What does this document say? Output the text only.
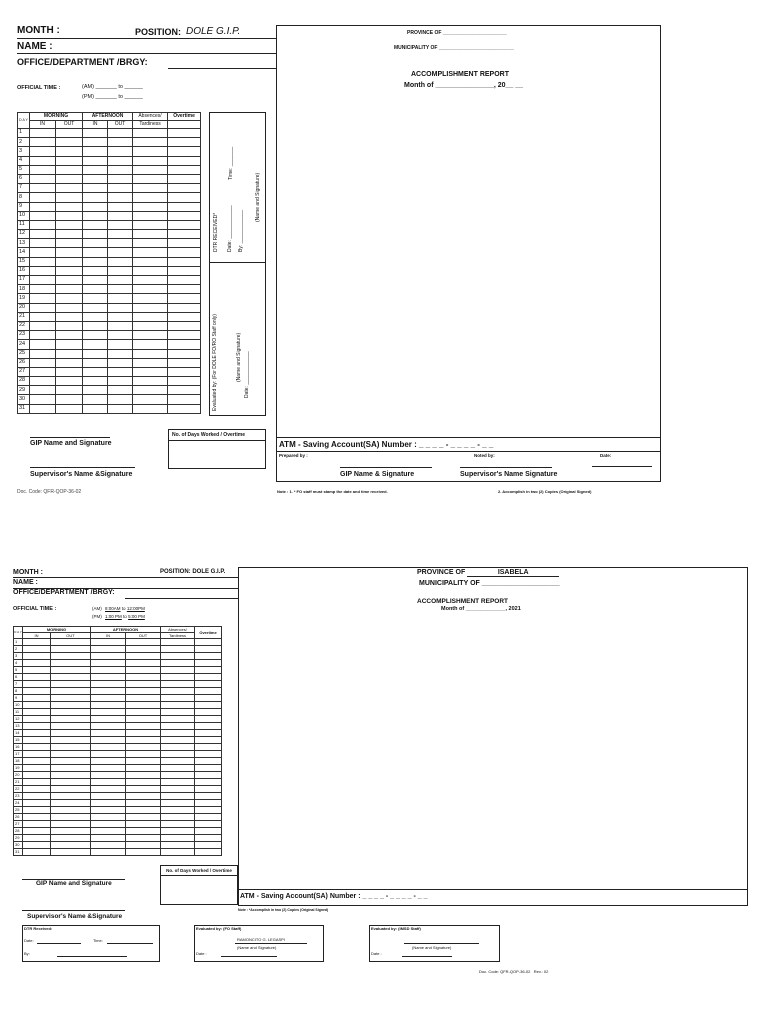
MONTH :	POSITION: DOLE G.I.P.
NAME :
OFFICE/DEPARTMENT /BRGY:
OFFICIAL TIME :	(AM) _______ to ______
(PM) _______ to ______
D A Y	MORNING		AFTERNOON		Absences/	Overtime
	IN	OUT	IN	OUT	Tardiness	
1						
2						
3						
4						
5						
6						
7						
8						
9						
10						
11						
12						
13						
14						
15						
16						
17						
18						
19						
20						
21						
22						
23						
24						
25						
26						
27						
28						
29						
30						
31						
DTR RECEIVED* Date: ____________ By: ____________
Time: _______
(Name and Signature)
Evaluated by: (For DOLE FO/RO Staff only)	(Name and Signature) Date: ____________
No. of Days Worked / Overtime
GIP Name and Signature
Supervisor's Name &Signature
Doc. Code: QFR-QOP-36-02
PROVINCE OF _______________________
MUNICIPALITY OF ___________________________
ACCOMPLISHMENT REPORT
Month of _______________, 20__ __
ATM - Saving Account(SA) Number : _ _ _ _ - _ _ _ _ - _ _
Prepared by :	Noted by:	Date:
GIP Name & Signature	Supervisor's Name Signature
Note : 1. * FO staff must stamp the date and time received.	2. Accomplish in two (2) Copies (Original Signed)
MONTH :	POSITION: DOLE G.I.P.
NAME :
OFFICE/DEPARTMENT /BRGY:
OFFICIAL TIME :	(AM) 8:00AM to 12:00PM
(PM) 1:00 PM to 5:00 PM
D A Y	MORNING		AFTERNOON		Absences/	Overtime
	IN	OUT	IN	OUT	Tardiness	
1						
2						
3						
4						
5						
6						
7						
8						
9						
10						
11						
12						
13						
14						
15						
16						
17						
18						
19						
20						
21						
22						
23						
24						
25						
26						
27						
28						
29						
30						
31						
No. of Days Worked / Overtime
GIP Name and Signature
Supervisor's Name &Signature
PROVINCE OF	ISABELA
MUNICIPALITY OF ____________________
ACCOMPLISHMENT REPORT
Month of _____________, 2021
ATM - Saving Account(SA) Number : _ _ _ _ - _ _ _ _ - _ _
Note : *Accomplish in two (2) Copies (Original Signed)
DTR Received:
Date:	Time:
By:
Evaluated by: (FO Staff)
RAMONCITO G. LEGASPI
(Name and Signature)
Date :
Evaluated by: (IMSD Staff)
(Name and Signature)
Date :
Doc. Code: QFR-QOP-36-02 Rev.: 02
